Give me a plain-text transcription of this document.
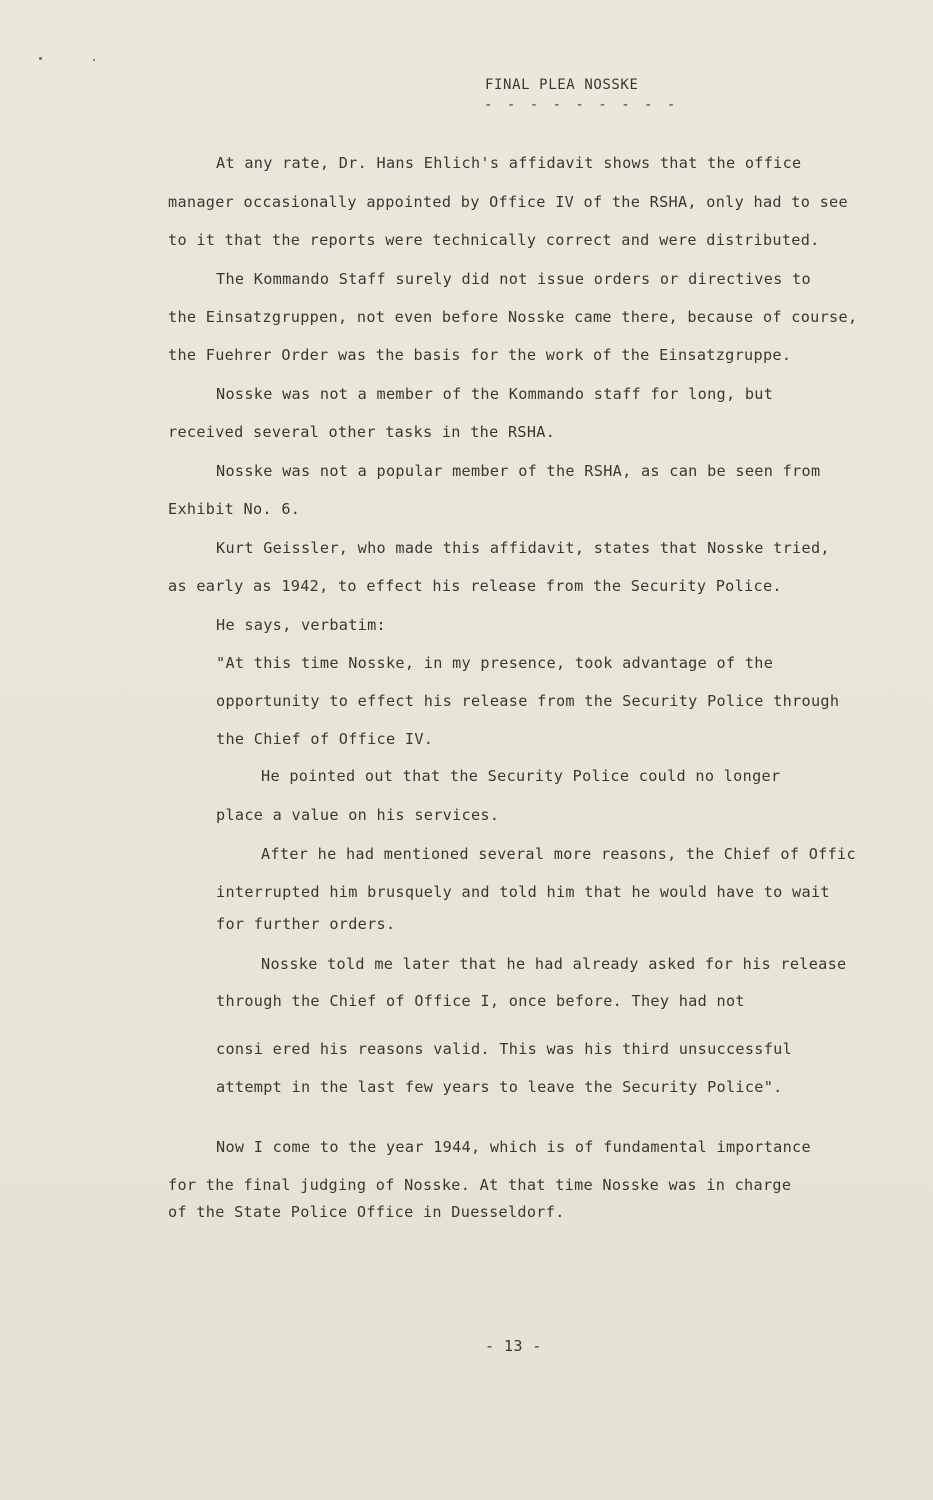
FINAL PLEA NOSSKE
- - - - - - - - -
At any rate, Dr. Hans Ehlich's affidavit shows that the office
manager occasionally appointed by Office IV of the RSHA, only had to see
to it that the reports were technically correct and were distributed.
The Kommando Staff surely did not issue orders or directives to
the Einsatzgruppen, not even before Nosske came there, because of course,
the Fuehrer Order was the basis for the work of the Einsatzgruppe.
Nosske was not a member of the Kommando staff for long, but
received several other tasks in the RSHA.
Nosske was not a popular member of the RSHA, as can be seen from
Exhibit No. 6.
Kurt Geissler, who made this affidavit, states that Nosske tried,
as early as 1942, to effect his release from the Security Police.
He says, verbatim:
"At this time Nosske, in my presence, took advantage of the
opportunity to effect his release from the Security Police through
the Chief of Office IV.
He pointed out that the Security Police could no longer
place a value on his services.
After he had mentioned several more reasons, the Chief of Offic
interrupted him brusquely and told him that he would have to wait
for further orders.
Nosske told me later that he had already asked for his release
through the Chief of Office I, once before. They had not
consi ered his reasons valid. This was his third unsuccessful
attempt in the last few years to leave the Security Police".
Now I come to the year 1944, which is of fundamental importance
for the final judging of Nosske. At that time Nosske was in charge
of the State Police Office in Duesseldorf.
- 13 -
